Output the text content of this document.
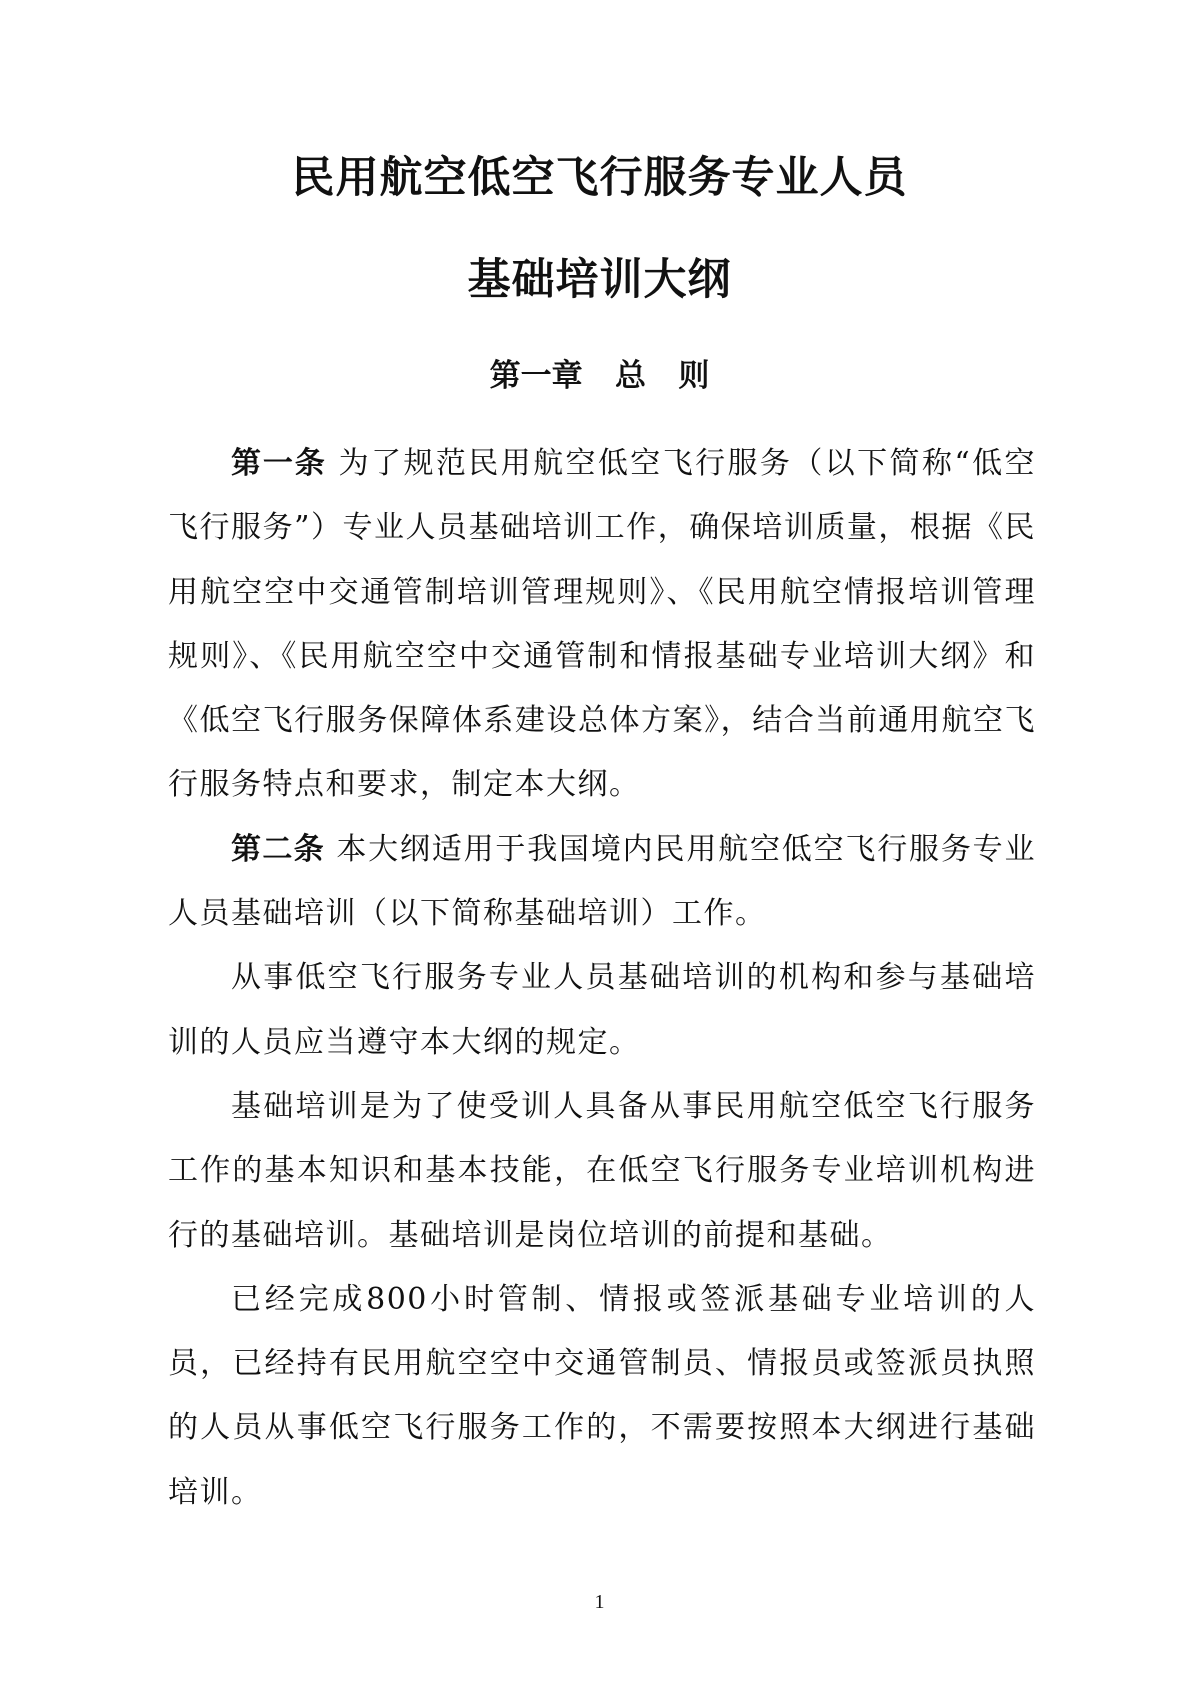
民用航空低空飞行服务专业人员
基础培训大纲
第一章   总   则

第一条 为了规范民用航空低空飞行服务（以下简称“低空飞行服务”）专业人员基础培训工作，确保培训质量，根据《民用航空空中交通管制培训管理规则》、《民用航空情报培训管理规则》、《民用航空空中交通管制和情报基础专业培训大纲》和《低空飞行服务保障体系建设总体方案》，结合当前通用航空飞行服务特点和要求，制定本大纲。

第二条 本大纲适用于我国境内民用航空低空飞行服务专业人员基础培训（以下简称基础培训）工作。

从事低空飞行服务专业人员基础培训的机构和参与基础培训的人员应当遵守本大纲的规定。

基础培训是为了使受训人具备从事民用航空低空飞行服务工作的基本知识和基本技能，在低空飞行服务专业培训机构进行的基础培训。基础培训是岗位培训的前提和基础。

已经完成800小时管制、情报或签派基础专业培训的人员，已经持有民用航空空中交通管制员、情报员或签派员执照的人员从事低空飞行服务工作的，不需要按照本大纲进行基础培训。

1
